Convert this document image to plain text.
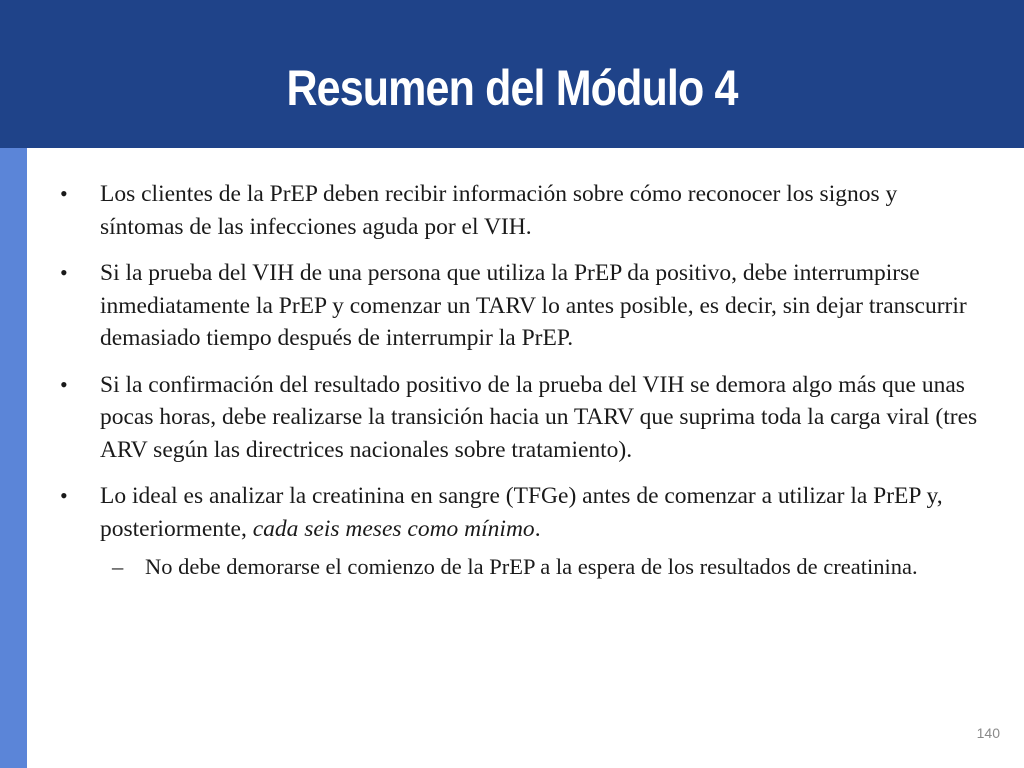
Resumen del Módulo 4
• Los clientes de la PrEP deben recibir información sobre cómo reconocer los signos y síntomas de las infecciones aguda por el VIH.
• Si la prueba del VIH de una persona que utiliza la PrEP da positivo, debe interrumpirse inmediatamente la PrEP y comenzar un TARV lo antes posible, es decir, sin dejar transcurrir demasiado tiempo después de interrumpir la PrEP.
• Si la confirmación del resultado positivo de la prueba del VIH se demora algo más que unas pocas horas, debe realizarse la transición hacia un TARV que suprima toda la carga viral (tres ARV según las directrices nacionales sobre tratamiento).
• Lo ideal es analizar la creatinina en sangre (TFGe) antes de comenzar a utilizar la PrEP y, posteriormente, cada seis meses como mínimo.
– No debe demorarse el comienzo de la PrEP a la espera de los resultados de creatinina.
140
